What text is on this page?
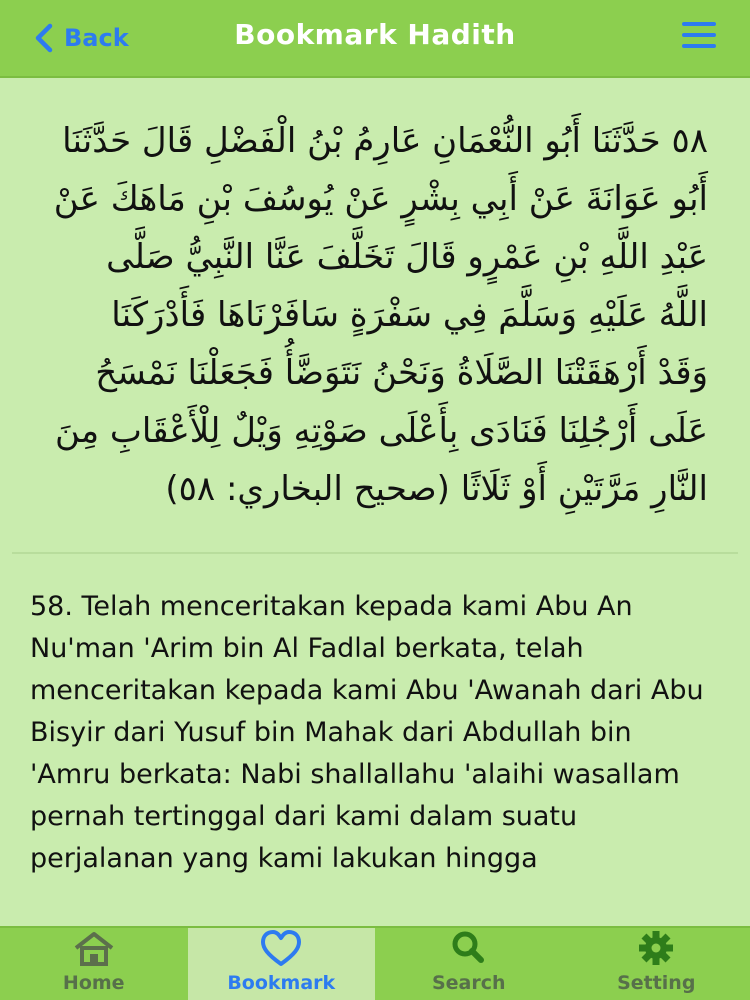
Back	Bookmark Hadith
٥٨ حَدَّثَنَا أَبُو النُّعْمَانِ عَارِمُ بْنُ الْفَضْلِ قَالَ حَدَّثَنَا أَبُو عَوَانَةَ عَنْ أَبِي بِشْرٍ عَنْ يُوسُفَ بْنِ مَاهَكَ عَنْ عَبْدِ اللَّهِ بْنِ عَمْرٍو قَالَ تَخَلَّفَ عَنَّا النَّبِيُّ صَلَّى اللَّهُ عَلَيْهِ وَسَلَّمَ فِي سَفْرَةٍ سَافَرْنَاهَا فَأَدْرَكَنَا وَقَدْ أَرْهَقَتْنَا الصَّلَاةُ وَنَحْنُ نَتَوَضَّأُ فَجَعَلْنَا نَمْسَحُ عَلَى أَرْجُلِنَا فَنَادَى بِأَعْلَى صَوْتِهِ وَيْلٌ لِلْأَعْقَابِ مِنَ النَّارِ مَرَّتَيْنِ أَوْ ثَلَاثًا (صحيح البخاري: ٥٨)
58. Telah menceritakan kepada kami Abu An Nu'man 'Arim bin Al Fadlal berkata, telah menceritakan kepada kami Abu 'Awanah dari Abu Bisyir dari Yusuf bin Mahak dari Abdullah bin 'Amru berkata: Nabi shallallahu 'alaihi wasallam pernah tertinggal dari kami dalam suatu perjalanan yang kami lakukan hingga
Home	Bookmark	Search	Setting
